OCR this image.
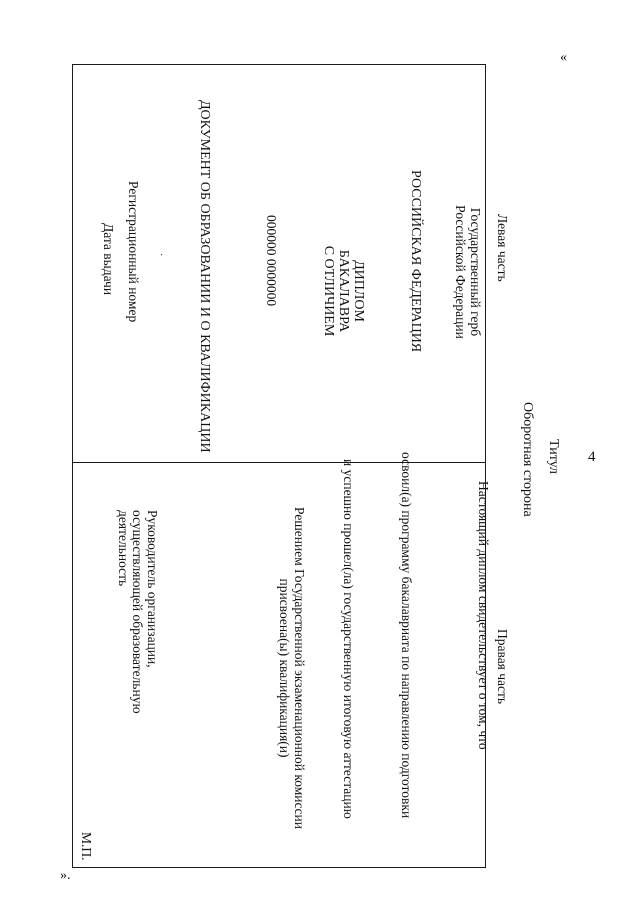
«
4
».
Титул
Оборотная сторона
Левая часть
Правая часть
Государственный герб
Российской Федерации
РОССИЙСКАЯ ФЕДЕРАЦИЯ
ДИПЛОМ
БАКАЛАВРА
С ОТЛИЧИЕМ
000000 0000000
ДОКУМЕНТ ОБ ОБРАЗОВАНИИ И О КВАЛИФИКАЦИИ
·
Регистрационный номер
Дата выдачи
Настоящий диплом свидетельствует о том, что
освоил(а) программу бакалавриата по направлению подготовки
и успешно прошел(ла) государственную итоговую аттестацию
Решением Государственной экзаменационной комиссии
присвоена(ы) квалификация(и)
Руководитель организации,
осуществляющей образовательную
деятельность
М.П.
